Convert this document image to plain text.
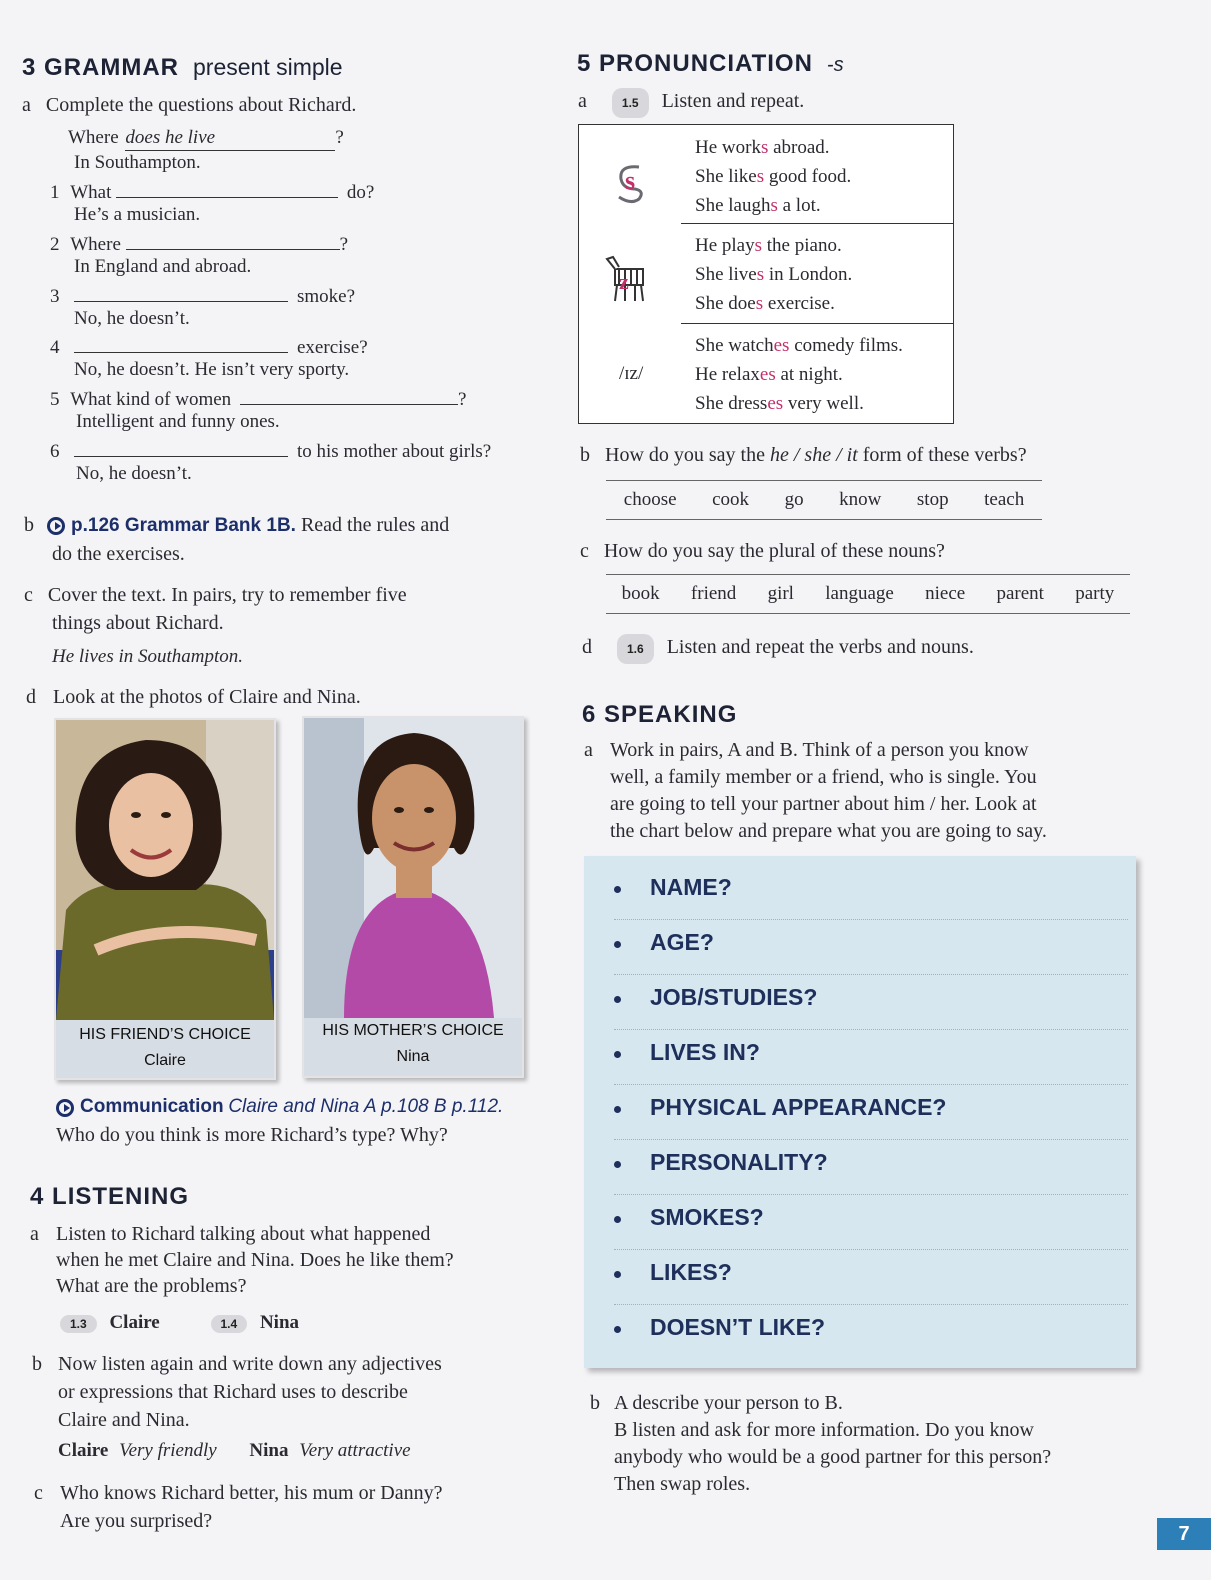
3 GRAMMAR present simple
a Complete the questions about Richard.
Where does he live	?
In Southampton.
1 What	do?
He’s a musician.
2 Where	?
In England and abroad.
3	smoke?
No, he doesn’t.
4	exercise?
No, he doesn’t. He isn’t very sporty.
5 What kind of women	?
Intelligent and funny ones.
6	to his mother about girls?
No, he doesn’t.
b p.126 Grammar Bank 1B. Read the rules and
do the exercises.
c Cover the text. In pairs, try to remember five
things about Richard.
He lives in Southampton.
d Look at the photos of Claire and Nina.
HIS FRIEND’S CHOICE
Claire
HIS MOTHER’S CHOICE
Nina
Communication Claire and Nina A p.108 B p.112.
Who do you think is more Richard’s type? Why?
4 LISTENING
a Listen to Richard talking about what happened
when he met Claire and Nina. Does he like them?
What are the problems?
1.3 Claire	1.4 Nina
b Now listen again and write down any adjectives
or expressions that Richard uses to describe
Claire and Nina.
Claire Very friendly Nina Very attractive
c Who knows Richard better, his mum or Danny?
Are you surprised?
5 PRONUNCIATION -s
a	1.5 Listen and repeat.
s
He works abroad.
She likes good food.
She laughs a lot.
z
He plays the piano.
She lives in London.
She does exercise.
/ɪz/
She watches comedy films.
He relaxes at night.
She dresses very well.
b How do you say the he / she / it form of these verbs?
choose cook go know stop teach
c How do you say the plural of these nouns?
book friend girl language niece parent party
d	1.6 Listen and repeat the verbs and nouns.
6 SPEAKING
a Work in pairs, A and B. Think of a person you know
well, a family member or a friend, who is single. You
are going to tell your partner about him / her. Look at
the chart below and prepare what you are going to say.
NAME?
AGE?
JOB/STUDIES?
LIVES IN?
PHYSICAL APPEARANCE?
PERSONALITY?
SMOKES?
LIKES?
DOESN’T LIKE?
b A describe your person to B.
B listen and ask for more information. Do you know
anybody who would be a good partner for this person?
Then swap roles.
7
